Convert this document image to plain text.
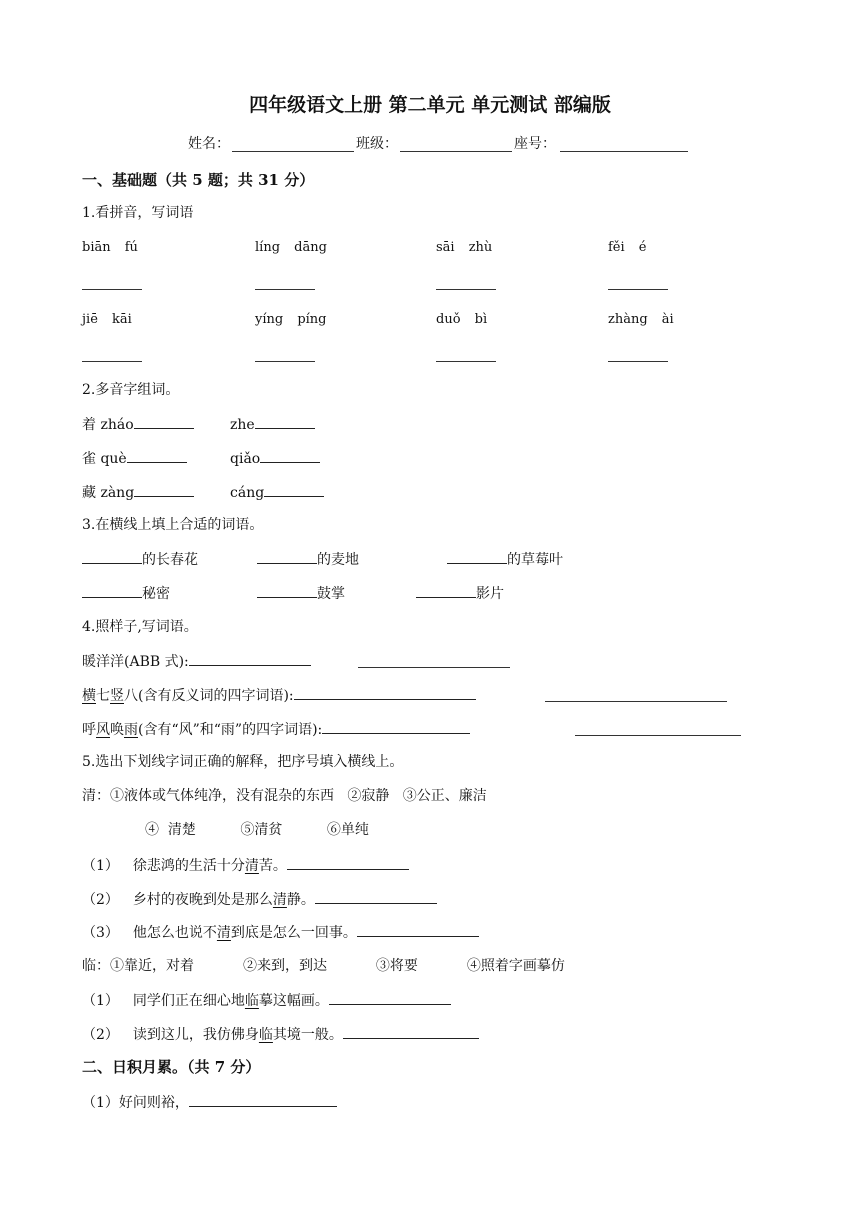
四年级语文上册 第二单元 单元测试 部编版
姓名：	班级：	座号：
一、基础题（共 5 题；共 31 分）
1.看拼音，写词语
biān fú	líng dāng	sāi zhù	fěi é
jiē kāi	yíng píng	duǒ bì	zhàng ài
2.多音字组词。
着 zháo	zhe
雀 què	qiǎo
藏 zàng	cáng
3.在横线上填上合适的词语。
的长春花	的麦地	的草莓叶
秘密	鼓掌	影片
4.照样子,写词语。
暖洋洋(ABB 式):
横七竖八(含有反义词的四字词语):
呼风唤雨(含有“风”和“雨”的四字词语):
5.选出下划线字词正确的解释，把序号填入横线上。
清：①液体或气体纯净，没有混杂的东西   ②寂静   ③公正、廉洁
④  清楚          ⑤清贫          ⑥单纯
（1） 徐悲鸿的生活十分清苦。
（2） 乡村的夜晚到处是那么清静。
（3） 他怎么也说不清到底是怎么一回事。
临：①靠近，对着           ②来到，到达           ③将要           ④照着字画摹仿
（1） 同学们正在细心地临摹这幅画。
（2） 读到这儿，我仿佛身临其境一般。
二、日积月累。（共 7 分）
（1）好问则裕，
